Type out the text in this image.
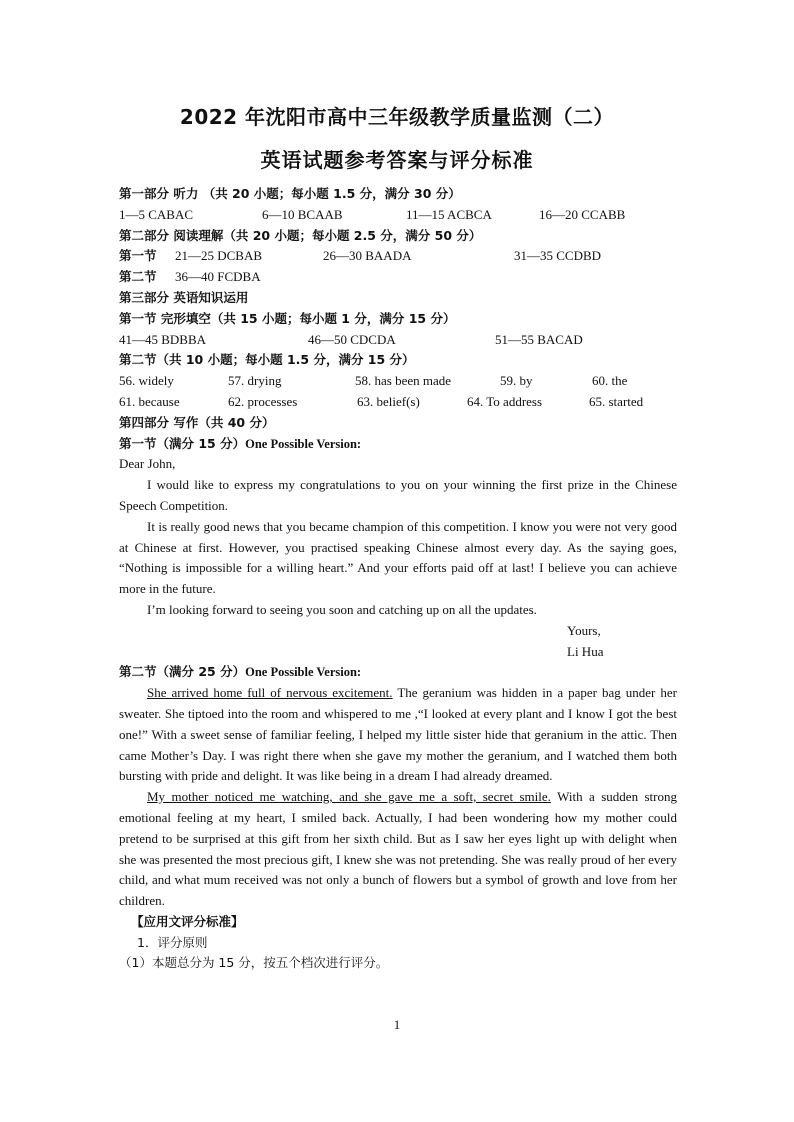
2022 年沈阳市高中三年级教学质量监测（二）
英语试题参考答案与评分标准
第一部分 听力 （共 20 小题；每小题 1.5 分，满分 30 分）
1—5 CABAC	6—10 BCAAB	11—15 ACBCA	16—20 CCABB
第二部分 阅读理解（共 20 小题；每小题 2.5 分，满分 50 分）
第一节 21—25 DCBAB	26—30 BAADA	31—35 CCDBD
第二节 36—40 FCDBA
第三部分 英语知识运用
第一节 完形填空（共 15 小题；每小题 1 分，满分 15 分）
41—45 BDBBA	46—50 CDCDA	51—55 BACAD
第二节（共 10 小题；每小题 1.5 分，满分 15 分）
56. widely	57. drying	58. has been made	59. by	60. the
61. because	62. processes	63. belief(s)	64. To address	65. started
第四部分 写作（共 40 分）
第一节（满分 15 分）One Possible Version:

Dear John,

I would like to express my congratulations to you on your winning the first prize in the Chinese Speech Competition.

It is really good news that you became champion of this competition. I know you were not very good at Chinese at first. However, you practised speaking Chinese almost every day. As the saying goes, “Nothing is impossible for a willing heart.” And your efforts paid off at last! I believe you can achieve more in the future.

I’m looking forward to seeing you soon and catching up on all the updates.

Yours,

Li Hua

第二节（满分 25 分）One Possible Version:

She arrived home full of nervous excitement. The geranium was hidden in a paper bag under her sweater. She tiptoed into the room and whispered to me ,“I looked at every plant and I know I got the best one!” With a sweet sense of familiar feeling, I helped my little sister hide that geranium in the attic. Then came Mother’s Day. I was right there when she gave my mother the geranium, and I watched them both bursting with pride and delight. It was like being in a dream I had already dreamed.

My mother noticed me watching, and she gave me a soft, secret smile. With a sudden strong emotional feeling at my heart, I smiled back. Actually, I had been wondering how my mother could pretend to be surprised at this gift from her sixth child. But as I saw her eyes light up with delight when she was presented the most precious gift, I knew she was not pretending. She was really proud of her every child, and what mum received was not only a bunch of flowers but a symbol of growth and love from her children.

【应用文评分标准】

1．评分原则

（1）本题总分为 15 分，按五个档次进行评分。

1
